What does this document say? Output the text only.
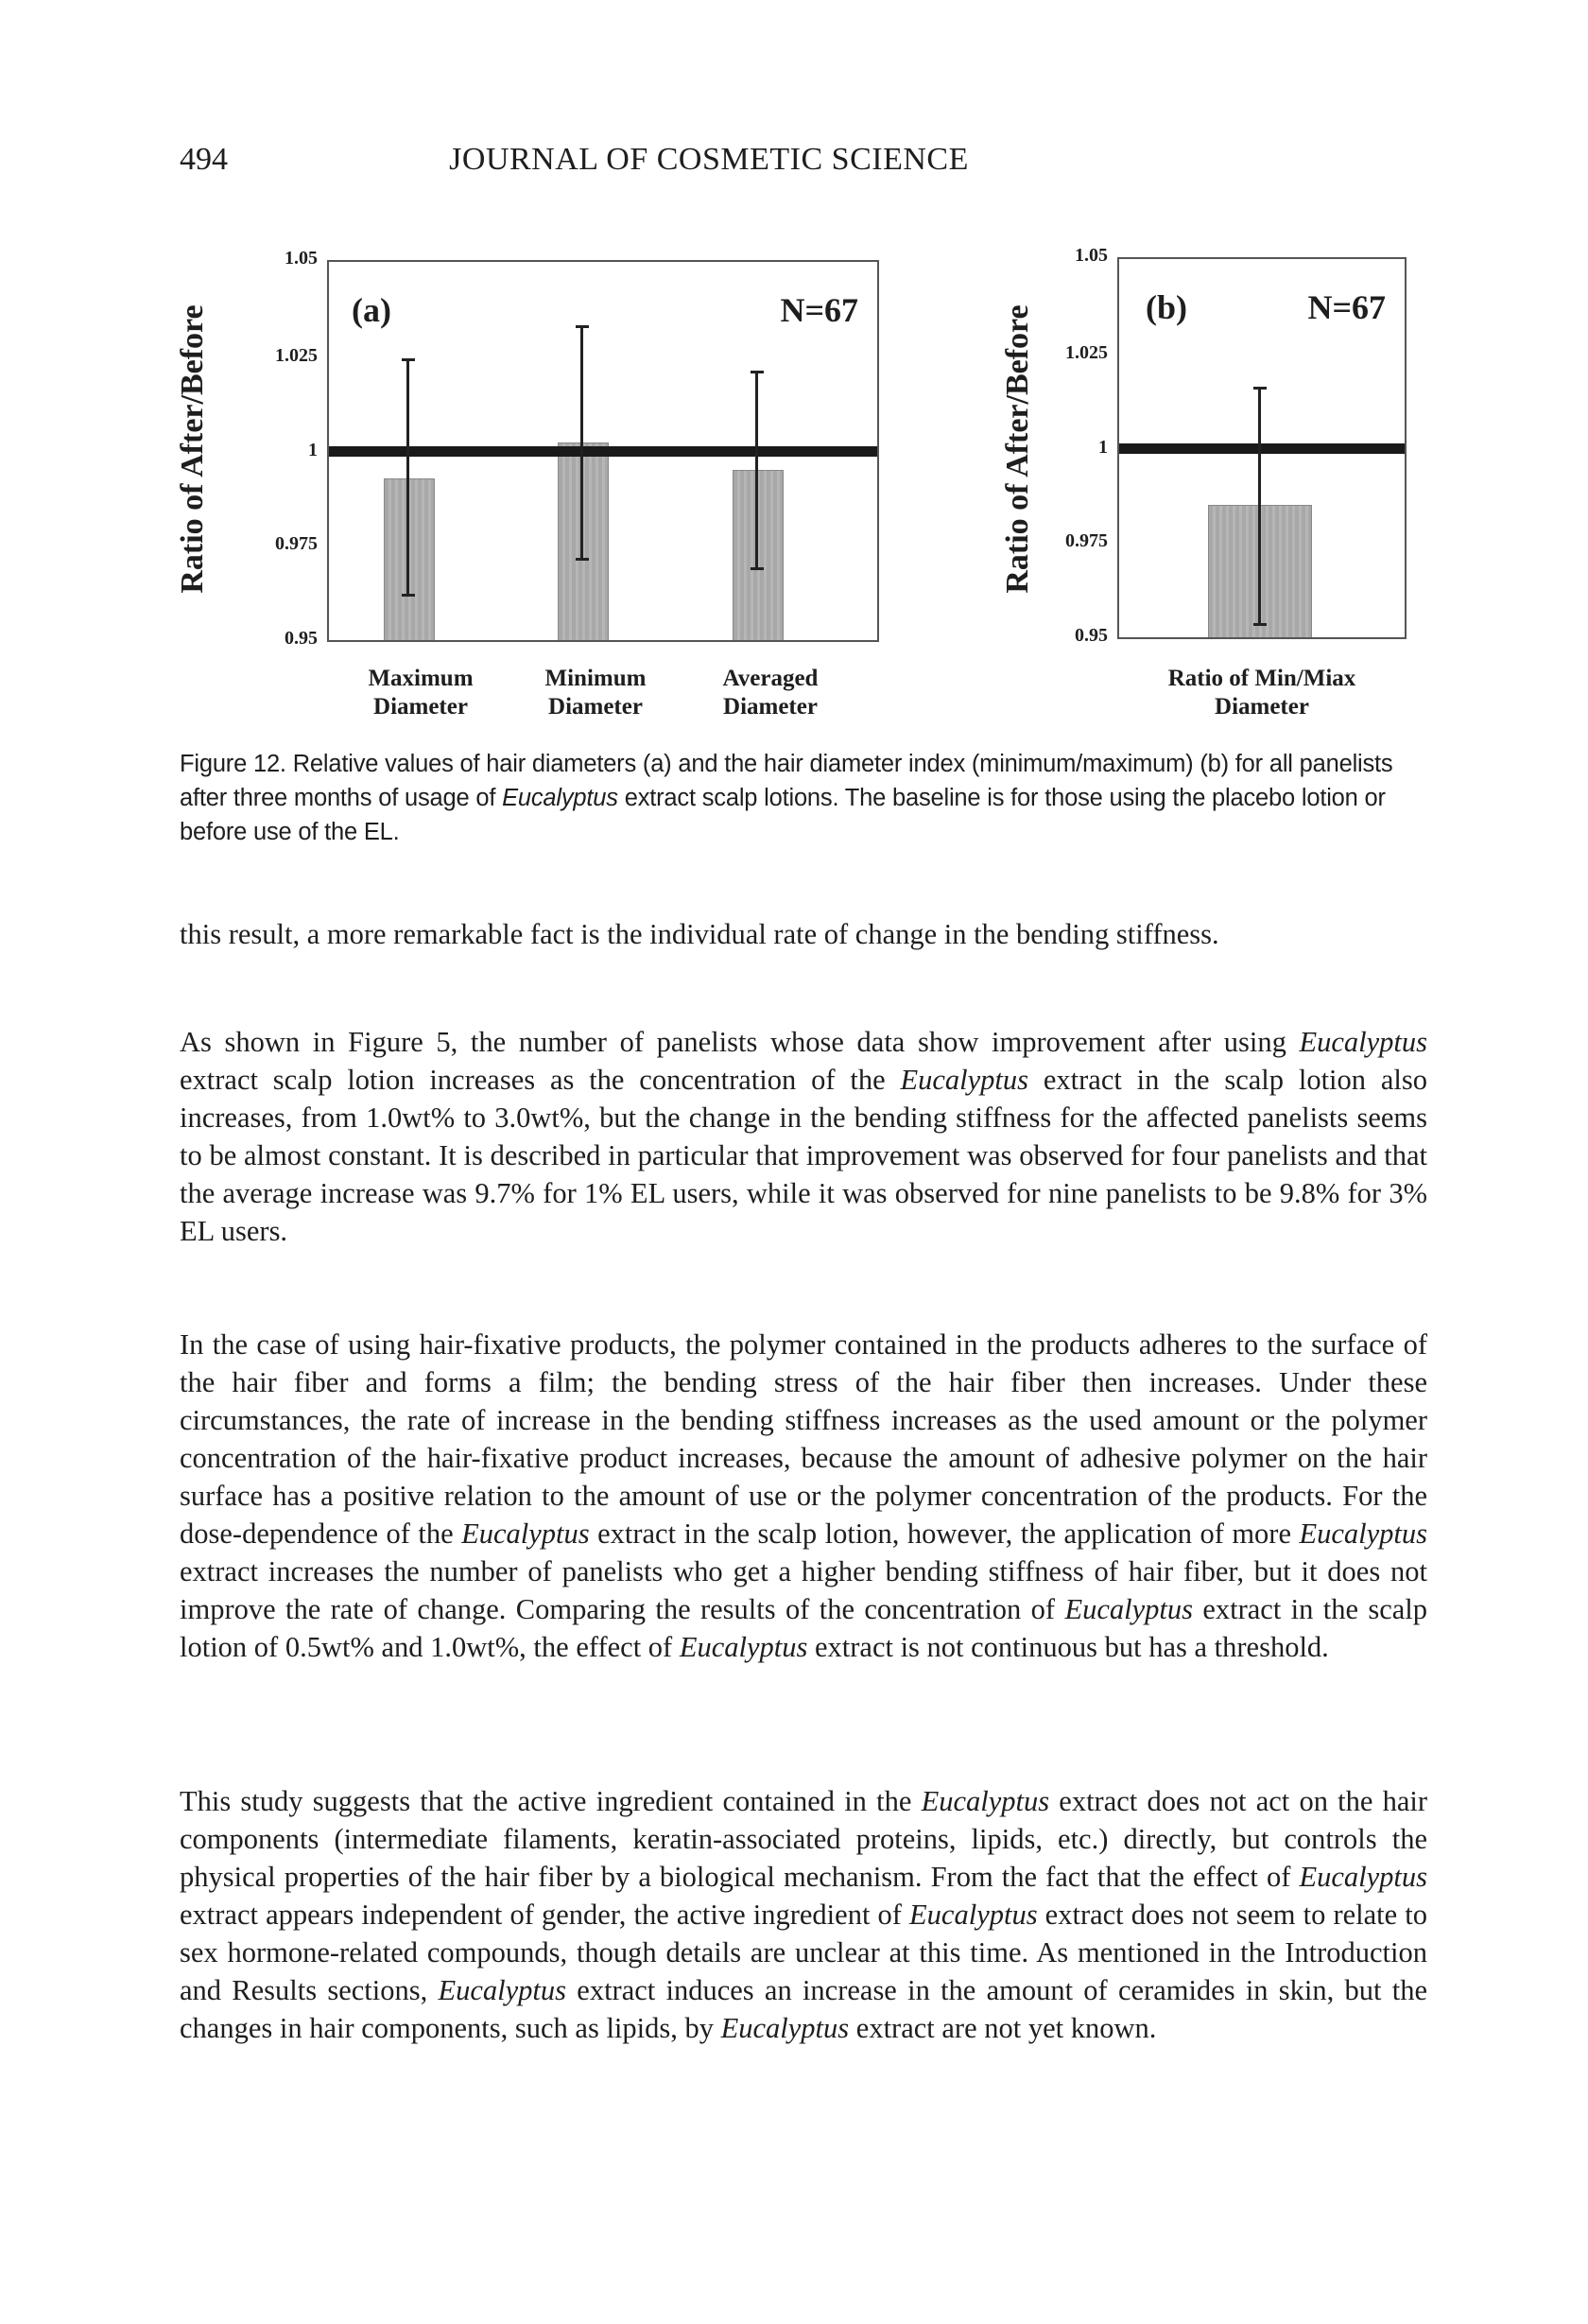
494	JOURNAL OF COSMETIC SCIENCE
Ratio of After/Before
1.05
1.025
1
0.975
0.95
(a)	N=67
Maximum
Diameter
Minimum
Diameter
Averaged
Diameter
Ratio of After/Before
1.05
1.025
1
0.975
0.95
(b)	N=67
Ratio of Min/Miax
Diameter
Figure 12. Relative values of hair diameters (a) and the hair diameter index (minimum/maximum) (b) for all panelists after three months of usage of Eucalyptus extract scalp lotions. The baseline is for those using the placebo lotion or before use of the EL.
this result, a more remarkable fact is the individual rate of change in the bending stiffness.
As shown in Figure 5, the number of panelists whose data show improvement after using Eucalyptus extract scalp lotion increases as the concentration of the Eucalyptus extract in the scalp lotion also increases, from 1.0wt% to 3.0wt%, but the change in the bending stiffness for the affected panelists seems to be almost constant. It is described in particular that improvement was observed for four panelists and that the average increase was 9.7% for 1% EL users, while it was observed for nine panelists to be 9.8% for 3% EL users.
In the case of using hair-fixative products, the polymer contained in the products adheres to the surface of the hair fiber and forms a film; the bending stress of the hair fiber then increases. Under these circumstances, the rate of increase in the bending stiffness increases as the used amount or the polymer concentration of the hair-fixative product increases, because the amount of adhesive polymer on the hair surface has a positive relation to the amount of use or the polymer concentration of the products. For the dose-dependence of the Eucalyptus extract in the scalp lotion, however, the application of more Eucalyptus extract increases the number of panelists who get a higher bending stiffness of hair fiber, but it does not improve the rate of change. Comparing the results of the concentration of Eucalyptus extract in the scalp lotion of 0.5wt% and 1.0wt%, the effect of Eucalyptus extract is not continuous but has a threshold.
This study suggests that the active ingredient contained in the Eucalyptus extract does not act on the hair components (intermediate filaments, keratin-associated proteins, lipids, etc.) directly, but controls the physical properties of the hair fiber by a biological mechanism. From the fact that the effect of Eucalyptus extract appears independent of gender, the active ingredient of Eucalyptus extract does not seem to relate to sex hormone-related compounds, though details are unclear at this time. As mentioned in the Introduction and Results sections, Eucalyptus extract induces an increase in the amount of ceramides in skin, but the changes in hair components, such as lipids, by Eucalyptus extract are not yet known.
